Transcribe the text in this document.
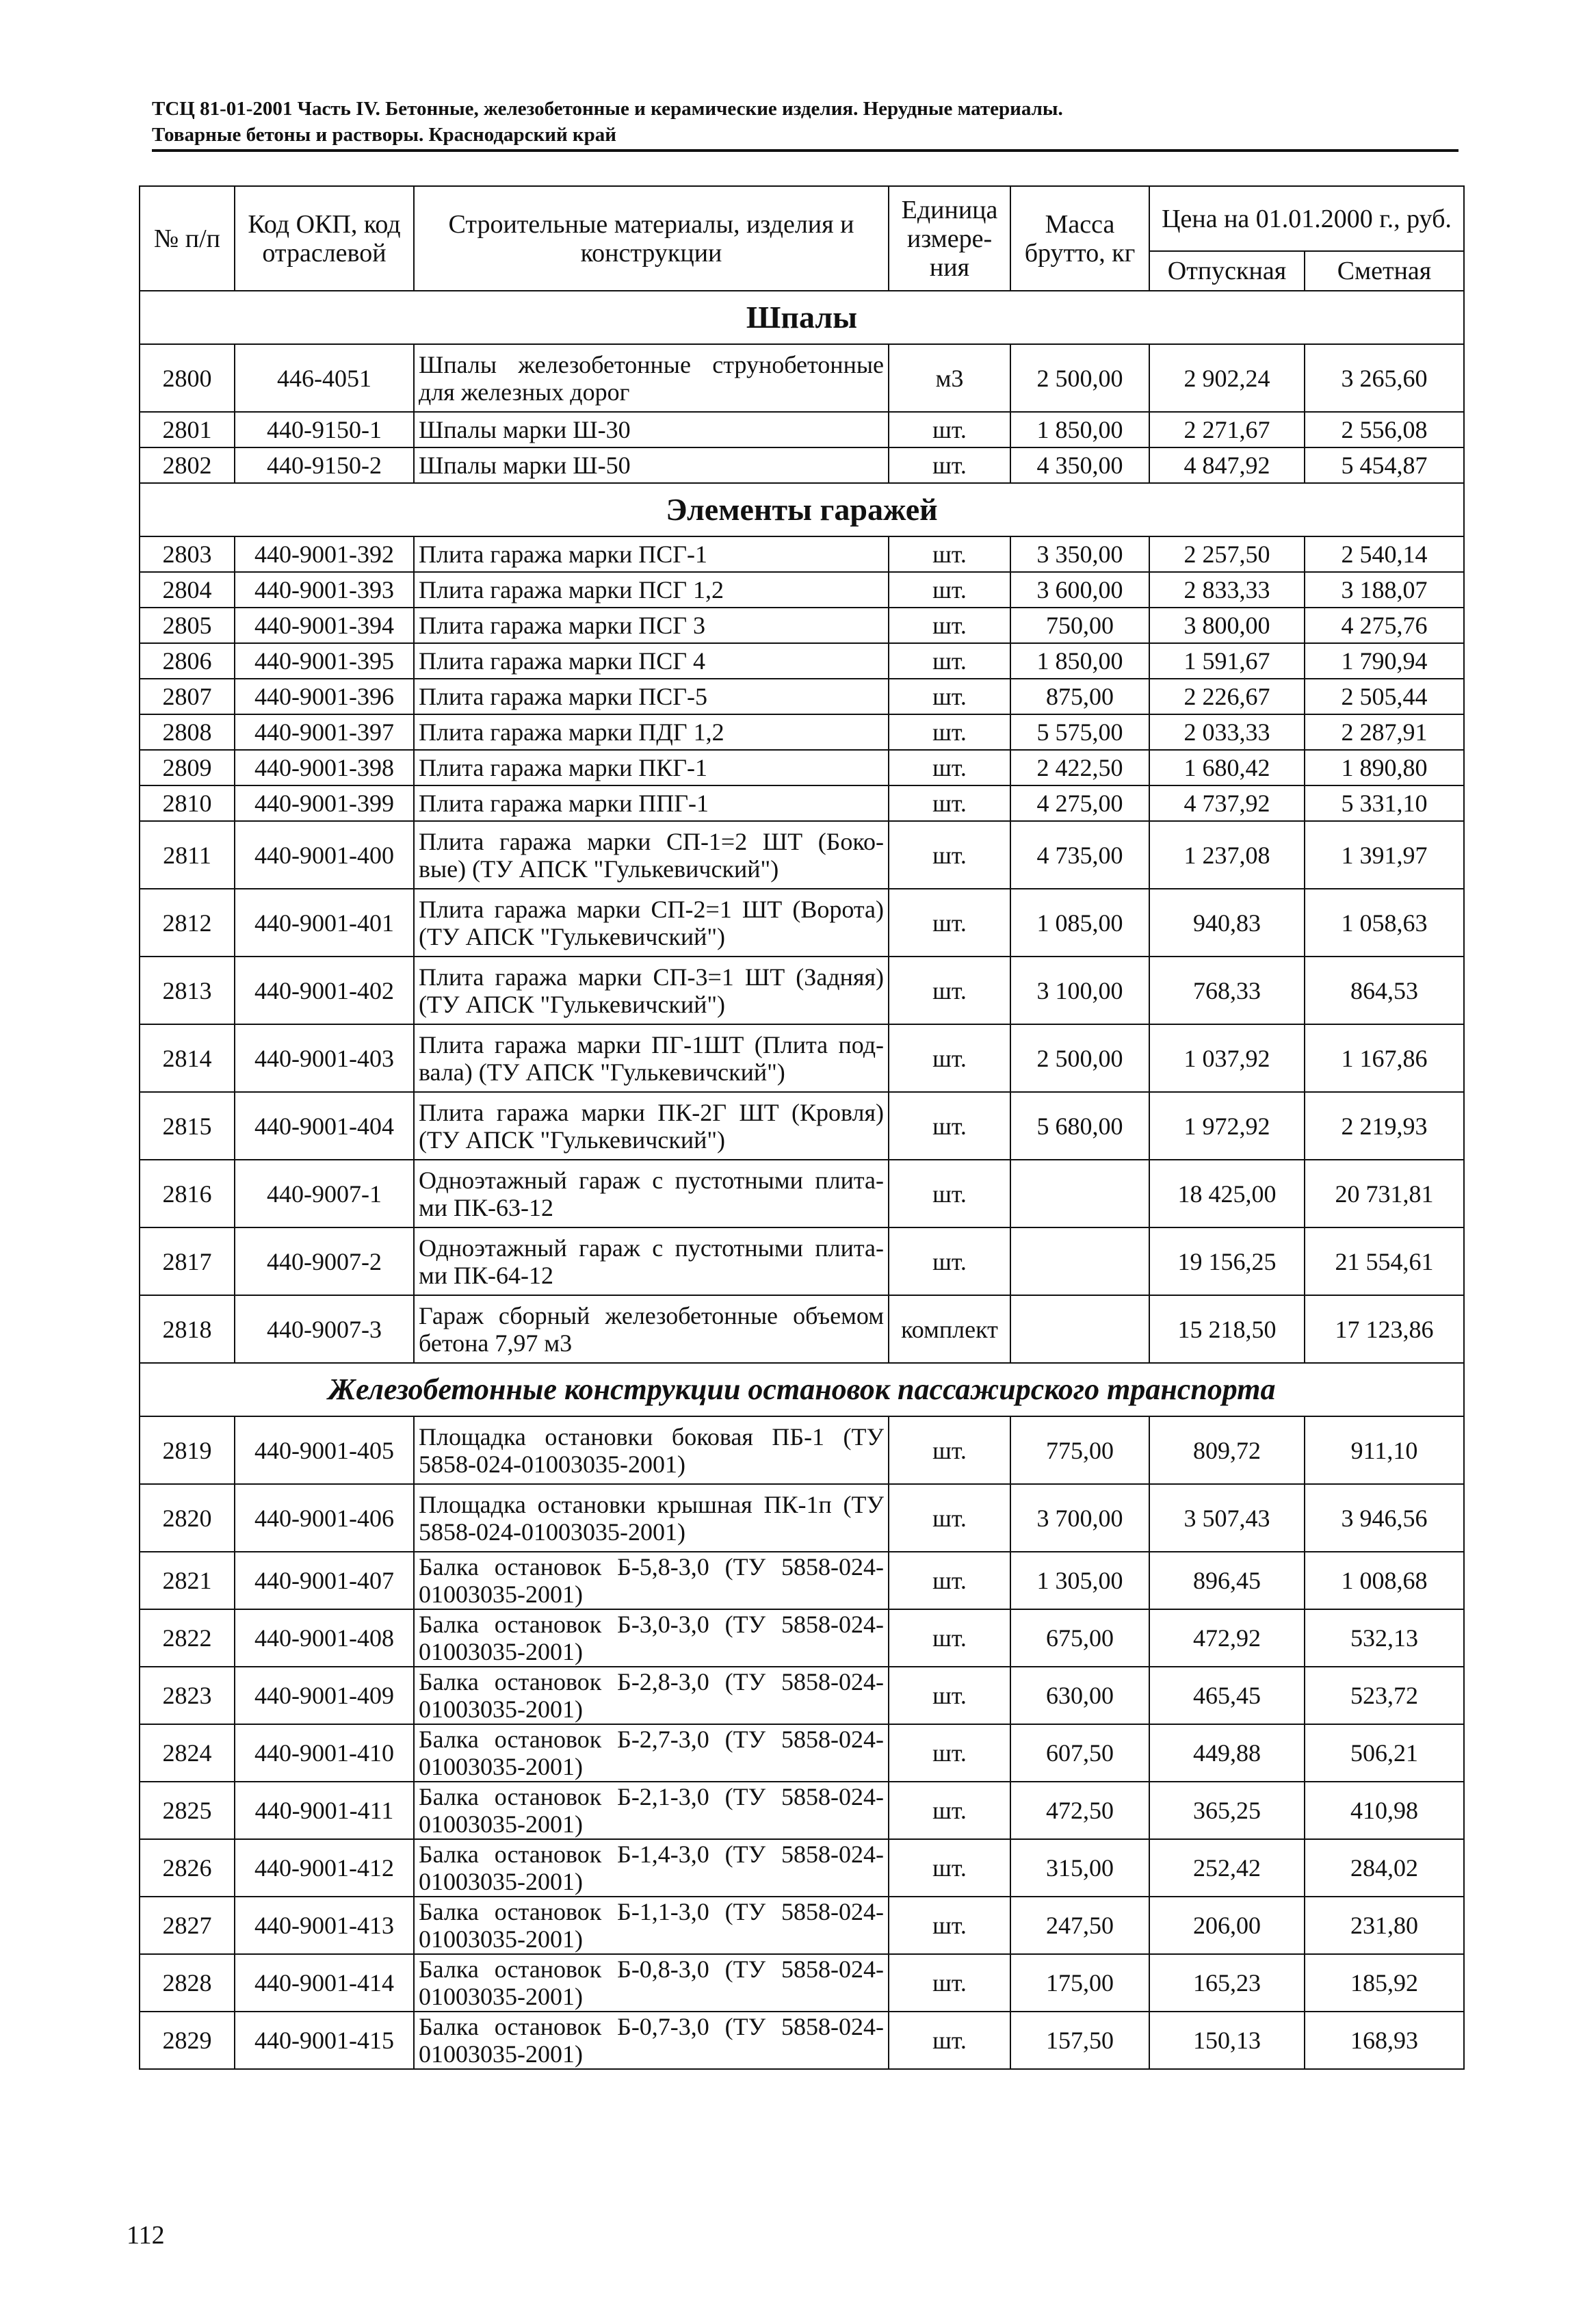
ТСЦ 81-01-2001 Часть IV. Бетонные, железобетонные и керамические изделия. Нерудные материалы.
Товарные бетоны и растворы. Краснодарский край
№ п/п	Код ОКП, код отраслевой	Строительные материалы, изделия и конструкции	Единица измере-ния	Масса брутто, кг	Цена на 01.01.2000 г., руб.	
					Отпускная	Сметная
Шпалы						
2800	446-4051	Шпалы железобетонные струнобетонные для железных дорог	м3	2 500,00	2 902,24	3 265,60
2801	440-9150-1	Шпалы марки Ш-30	шт.	1 850,00	2 271,67	2 556,08
2802	440-9150-2	Шпалы марки Ш-50	шт.	4 350,00	4 847,92	5 454,87
Элементы гаражей						
2803	440-9001-392	Плита гаража марки ПСГ-1	шт.	3 350,00	2 257,50	2 540,14
2804	440-9001-393	Плита гаража марки ПСГ 1,2	шт.	3 600,00	2 833,33	3 188,07
2805	440-9001-394	Плита гаража марки ПСГ 3	шт.	750,00	3 800,00	4 275,76
2806	440-9001-395	Плита гаража марки ПСГ 4	шт.	1 850,00	1 591,67	1 790,94
2807	440-9001-396	Плита гаража марки ПСГ-5	шт.	875,00	2 226,67	2 505,44
2808	440-9001-397	Плита гаража марки ПДГ 1,2	шт.	5 575,00	2 033,33	2 287,91
2809	440-9001-398	Плита гаража марки ПКГ-1	шт.	2 422,50	1 680,42	1 890,80
2810	440-9001-399	Плита гаража марки ППГ-1	шт.	4 275,00	4 737,92	5 331,10
2811	440-9001-400	Плита гаража марки СП-1=2 ШТ (Боко-вые) (ТУ АПСК "Гулькевичский")	шт.	4 735,00	1 237,08	1 391,97
2812	440-9001-401	Плита гаража марки СП-2=1 ШТ (Ворота) (ТУ АПСК "Гулькевичский")	шт.	1 085,00	940,83	1 058,63
2813	440-9001-402	Плита гаража марки СП-3=1 ШТ (Задняя) (ТУ АПСК "Гулькевичский")	шт.	3 100,00	768,33	864,53
2814	440-9001-403	Плита гаража марки ПГ-1ШТ (Плита под-вала) (ТУ АПСК "Гулькевичский")	шт.	2 500,00	1 037,92	1 167,86
2815	440-9001-404	Плита гаража марки ПК-2Г ШТ (Кровля) (ТУ АПСК "Гулькевичский")	шт.	5 680,00	1 972,92	2 219,93
2816	440-9007-1	Одноэтажный гараж с пустотными плита-ми ПК-63-12	шт.		18 425,00	20 731,81
2817	440-9007-2	Одноэтажный гараж с пустотными плита-ми ПК-64-12	шт.		19 156,25	21 554,61
2818	440-9007-3	Гараж сборный железобетонные объемом бетона 7,97 м3	комплект		15 218,50	17 123,86
Железобетонные конструкции остановок пассажирского транспорта						
2819	440-9001-405	Площадка остановки боковая ПБ-1 (ТУ 5858-024-01003035-2001)	шт.	775,00	809,72	911,10
2820	440-9001-406	Площадка остановки крышная ПК-1п (ТУ 5858-024-01003035-2001)	шт.	3 700,00	3 507,43	3 946,56
2821	440-9001-407	Балка остановок Б-5,8-3,0 (ТУ 5858-024-01003035-2001)	шт.	1 305,00	896,45	1 008,68
2822	440-9001-408	Балка остановок Б-3,0-3,0 (ТУ 5858-024-01003035-2001)	шт.	675,00	472,92	532,13
2823	440-9001-409	Балка остановок Б-2,8-3,0 (ТУ 5858-024-01003035-2001)	шт.	630,00	465,45	523,72
2824	440-9001-410	Балка остановок Б-2,7-3,0 (ТУ 5858-024-01003035-2001)	шт.	607,50	449,88	506,21
2825	440-9001-411	Балка остановок Б-2,1-3,0 (ТУ 5858-024-01003035-2001)	шт.	472,50	365,25	410,98
2826	440-9001-412	Балка остановок Б-1,4-3,0 (ТУ 5858-024-01003035-2001)	шт.	315,00	252,42	284,02
2827	440-9001-413	Балка остановок Б-1,1-3,0 (ТУ 5858-024-01003035-2001)	шт.	247,50	206,00	231,80
2828	440-9001-414	Балка остановок Б-0,8-3,0 (ТУ 5858-024-01003035-2001)	шт.	175,00	165,23	185,92
2829	440-9001-415	Балка остановок Б-0,7-3,0 (ТУ 5858-024-01003035-2001)	шт.	157,50	150,13	168,93
112
